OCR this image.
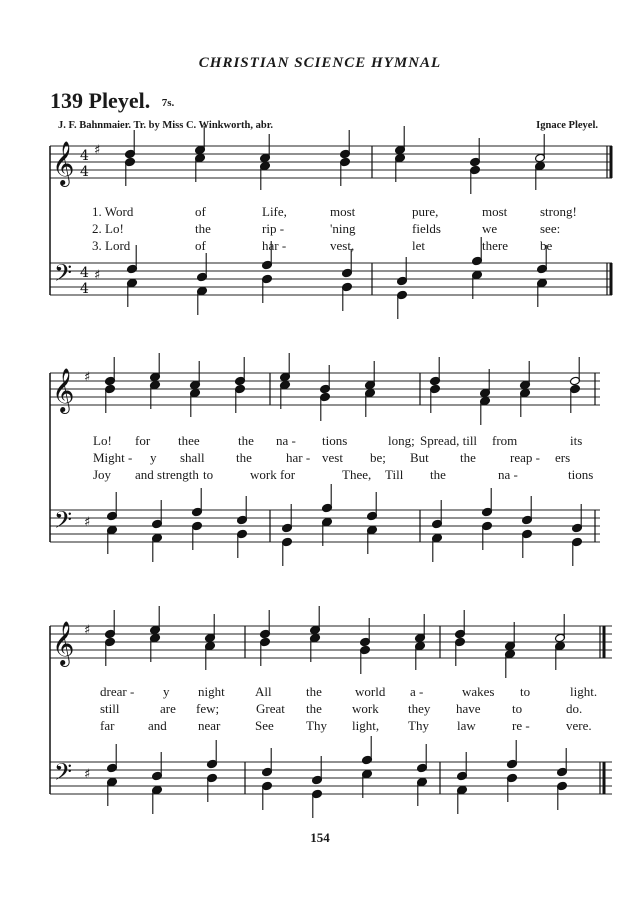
CHRISTIAN SCIENCE HYMNAL
139 Pleyel. 7s.
J. F. Bahnmaier. Tr. by Miss C. Winkworth, abr.	Ignace Pleyel.
𝄞
𝄢
4
4
4
4
♯
♯
𝄞
𝄢
♯
♯
𝄞
𝄢
♯
♯
1. Word	of	Life,	most	pure,	most	strong!
2. Lo!	the	rip -	'ning	fields	we	see:
3. Lord	of	har -	vest,	let	there be
Lo! for thee	the na - tions	long; Spread, till from	its
Might - y shall the	har - vest be; But the	reap - ers
Joy and strength to	work for	Thee, Till the	na -	tions
drear - y night All	the	world a -	wakes to	light.
still	are few;	Great the work they have to	do.
far	and near	See Thy light, Thy law	re -	vere.
154
